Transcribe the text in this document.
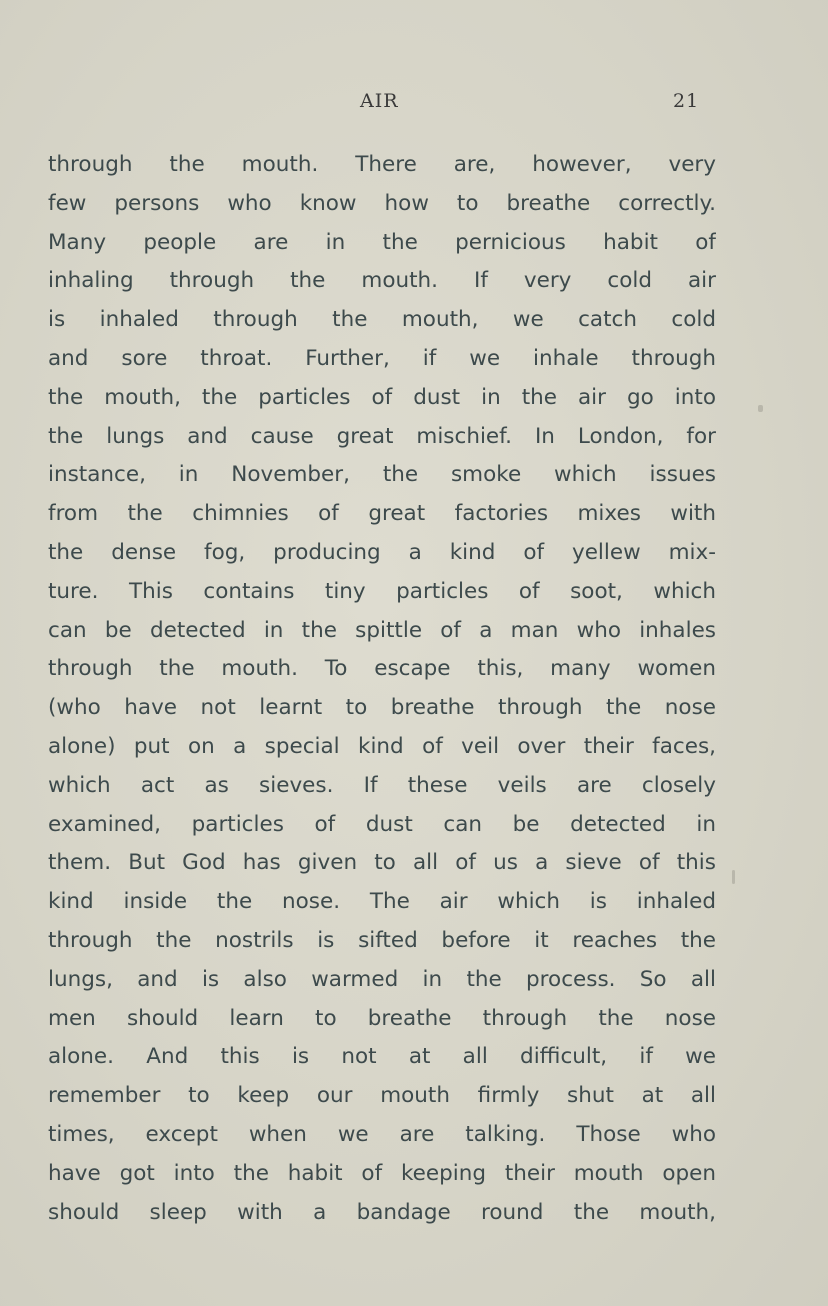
AIR	21
through the mouth. There are, however, very
few persons who know how to breathe correctly.
Many people are in the pernicious habit of
inhaling through the mouth. If very cold air
is inhaled through the mouth, we catch cold
and sore throat. Further, if we inhale through
the mouth, the particles of dust in the air go into
the lungs and cause great mischief. In London, for
instance, in November, the smoke which issues
from the chimnies of great factories mixes with
the dense fog, producing a kind of yellew mix-
ture. This contains tiny particles of soot, which
can be detected in the spittle of a man who inhales
through the mouth. To escape this, many women
(who have not learnt to breathe through the nose
alone) put on a special kind of veil over their faces,
which act as sieves. If these veils are closely
examined, particles of dust can be detected in
them. But God has given to all of us a sieve of this
kind inside the nose. The air which is inhaled
through the nostrils is sifted before it reaches the
lungs, and is also warmed in the process. So all
men should learn to breathe through the nose
alone. And this is not at all difficult, if we
remember to keep our mouth firmly shut at all
times, except when we are talking. Those who
have got into the habit of keeping their mouth open
should sleep with a bandage round the mouth,
